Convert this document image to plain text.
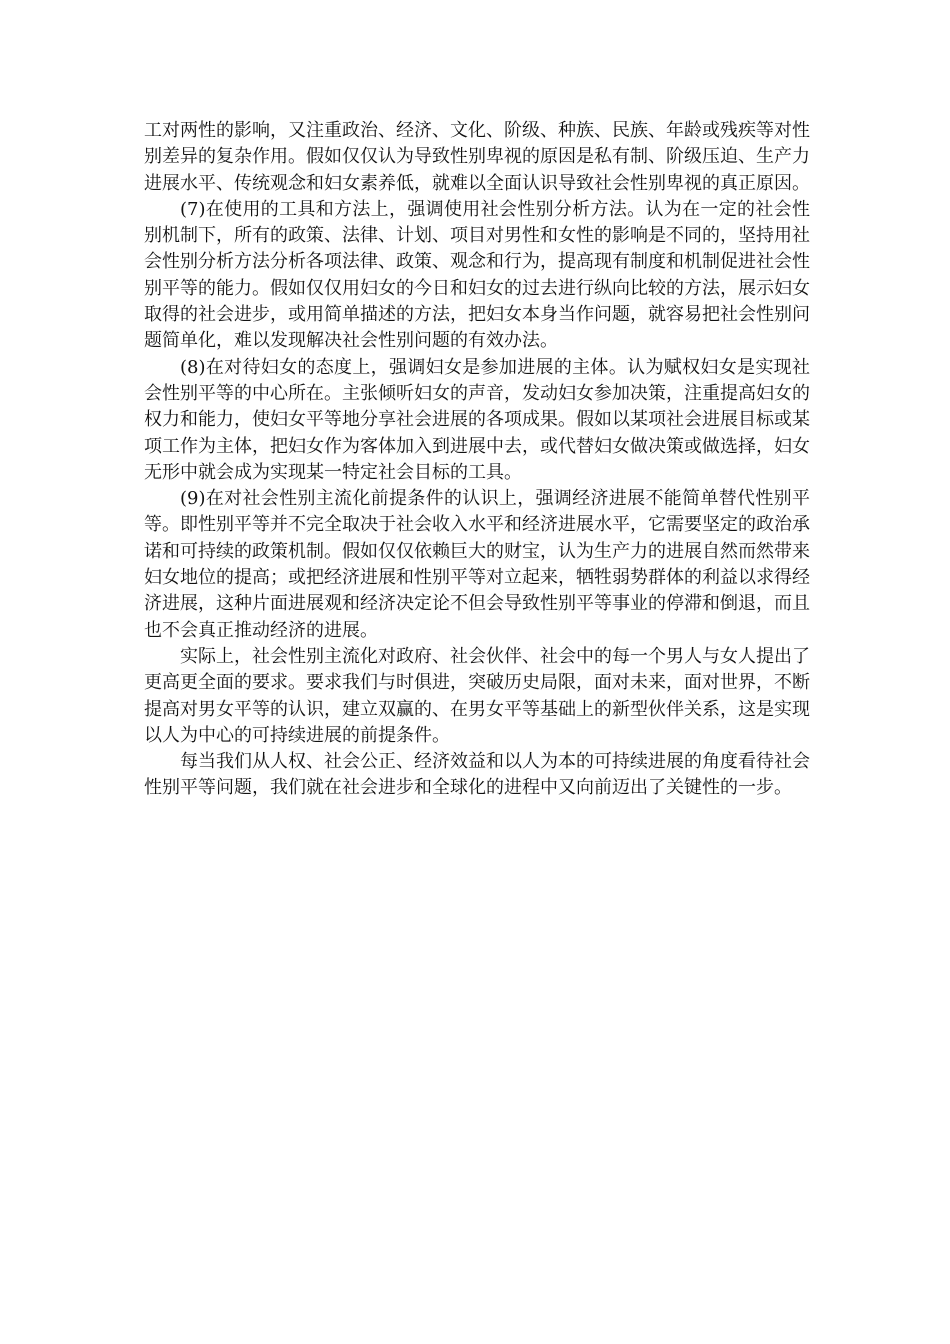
工对两性的影响，又注重政治、经济、文化、阶级、种族、民族、年龄或残疾等对性别差异的复杂作用。假如仅仅认为导致性别卑视的原因是私有制、阶级压迫、生产力进展水平、传统观念和妇女素养低，就难以全面认识导致社会性别卑视的真正原因。

(7)在使用的工具和方法上，强调使用社会性别分析方法。认为在一定的社会性别机制下，所有的政策、法律、计划、项目对男性和女性的影响是不同的，坚持用社会性别分析方法分析各项法律、政策、观念和行为，提高现有制度和机制促进社会性别平等的能力。假如仅仅用妇女的今日和妇女的过去进行纵向比较的方法，展示妇女取得的社会进步，或用简单描述的方法，把妇女本身当作问题，就容易把社会性别问题简单化，难以发现解决社会性别问题的有效办法。

(8)在对待妇女的态度上，强调妇女是参加进展的主体。认为赋权妇女是实现社会性别平等的中心所在。主张倾听妇女的声音，发动妇女参加决策，注重提高妇女的权力和能力，使妇女平等地分享社会进展的各项成果。假如以某项社会进展目标或某项工作为主体，把妇女作为客体加入到进展中去，或代替妇女做决策或做选择，妇女无形中就会成为实现某一特定社会目标的工具。

(9)在对社会性别主流化前提条件的认识上，强调经济进展不能简单替代性别平等。即性别平等并不完全取决于社会收入水平和经济进展水平，它需要坚定的政治承诺和可持续的政策机制。假如仅仅依赖巨大的财宝，认为生产力的进展自然而然带来妇女地位的提高；或把经济进展和性别平等对立起来，牺牲弱势群体的利益以求得经济进展，这种片面进展观和经济决定论不但会导致性别平等事业的停滞和倒退，而且也不会真正推动经济的进展。

实际上，社会性别主流化对政府、社会伙伴、社会中的每一个男人与女人提出了更高更全面的要求。要求我们与时俱进，突破历史局限，面对未来，面对世界，不断提高对男女平等的认识，建立双赢的、在男女平等基础上的新型伙伴关系，这是实现以人为中心的可持续进展的前提条件。

每当我们从人权、社会公正、经济效益和以人为本的可持续进展的角度看待社会性别平等问题，我们就在社会进步和全球化的进程中又向前迈出了关键性的一步。
